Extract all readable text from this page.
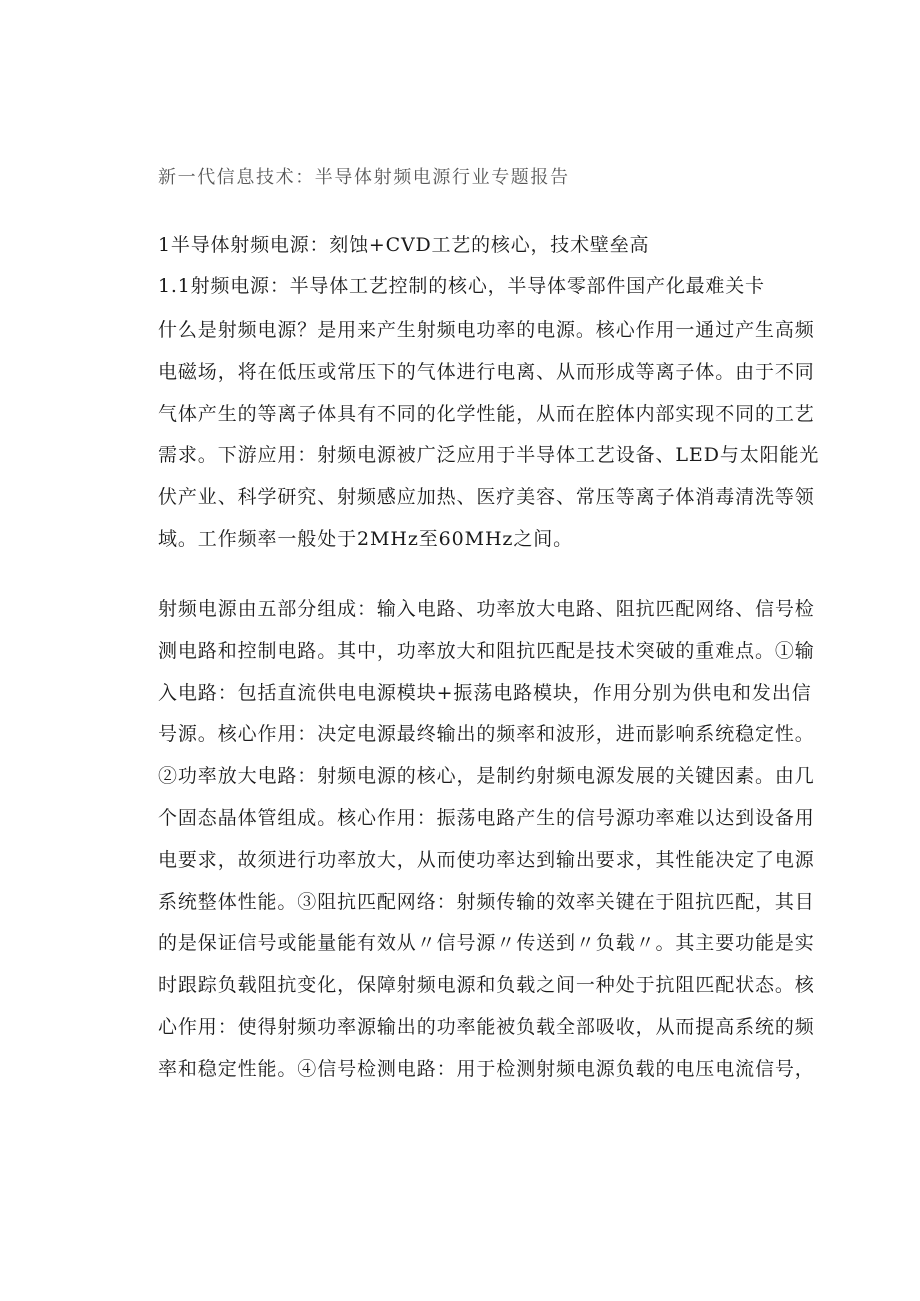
新一代信息技术：半导体射频电源行业专题报告
1半导体射频电源：刻蚀+CVD工艺的核心，技术壁垒高
1.1射频电源：半导体工艺控制的核心，半导体零部件国产化最难关卡

什么是射频电源？是用来产生射频电功率的电源。核心作用一通过产生高频
电磁场，将在低压或常压下的气体进行电离、从而形成等离子体。由于不同
气体产生的等离子体具有不同的化学性能，从而在腔体内部实现不同的工艺
需求。下游应用：射频电源被广泛应用于半导体工艺设备、LED与太阳能光
伏产业、科学研究、射频感应加热、医疗美容、常压等离子体消毒清洗等领
域。工作频率一般处于2MHz至60MHz之间。

射频电源由五部分组成：输入电路、功率放大电路、阻抗匹配网络、信号检
测电路和控制电路。其中，功率放大和阻抗匹配是技术突破的重难点。①输
入电路：包括直流供电电源模块+振荡电路模块，作用分别为供电和发出信
号源。核心作用：决定电源最终输出的频率和波形，进而影响系统稳定性。
②功率放大电路：射频电源的核心，是制约射频电源发展的关键因素。由几
个固态晶体管组成。核心作用：振荡电路产生的信号源功率难以达到设备用
电要求，故须进行功率放大，从而使功率达到输出要求，其性能决定了电源
系统整体性能。③阻抗匹配网络：射频传输的效率关键在于阻抗匹配，其目
的是保证信号或能量能有效从〃信号源〃传送到〃负载〃。其主要功能是实
时跟踪负载阻抗变化，保障射频电源和负载之间一种处于抗阻匹配状态。核
心作用：使得射频功率源输出的功率能被负载全部吸收，从而提高系统的频
率和稳定性能。④信号检测电路：用于检测射频电源负载的电压电流信号，
